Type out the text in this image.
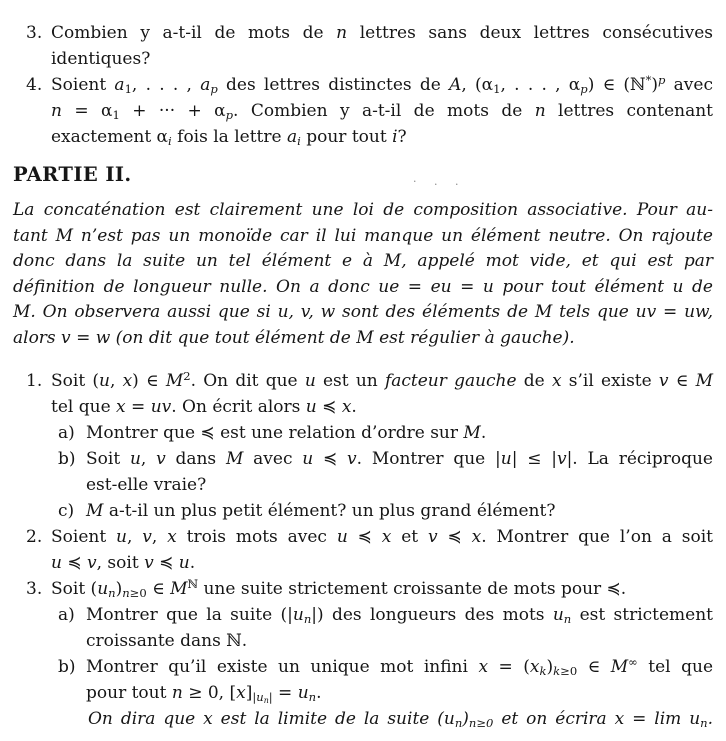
3. Combien y a-t-il de mots de n lettres sans deux lettres consécutives
identiques?
4. Soient $a_1$, . . . , $a_p$ des lettres distinctes de A, ($\alpha_1$, . . . , $\alpha_p$) ∈ (ℕ*)$^p$ avec
$n = \alpha_1$ + ··· + $\alpha_p$. Combien y a-t-il de mots de n lettres contenant
exactement $\alpha_i$ fois la lettre $a_i$ pour tout i?
PARTIE II.	· . .
La concaténation est clairement une loi de composition associative. Pour au-
tant M n’est pas un monoïde car il lui manque un élément neutre. On rajoute
donc dans la suite un tel élément e à M, appelé mot vide, et qui est par
définition de longueur nulle. On a donc ue = eu = u pour tout élément u de
M. On observera aussi que si u, v, w sont des éléments de M tels que uv = uw,
alors v = w (on dit que tout élément de M est régulier à gauche).
1. Soit (u, x) ∈ $M^2$. On dit que u est un facteur gauche de x s’il existe v ∈ M
tel que x = uv. On écrit alors u ≼ x.
a) Montrer que ≼ est une relation d’ordre sur M.
b) Soit u, v dans M avec u ≼ v. Montrer que |u| ≤ |v|. La réciproque
est-elle vraie?
c) M a-t-il un plus petit élément? un plus grand élément?
2. Soient u, v, x trois mots avec u ≼ x et v ≼ x. Montrer que l’on a soit
u ≼ v, soit v ≼ u.
3. Soit $(u_n)_{n\ge 0}$ ∈ $M^ℕ$ une suite strictement croissante de mots pour ≼.
a) Montrer que la suite $(|u_n|)$ des longueurs des mots $u_n$ est strictement
croissante dans ℕ.
b) Montrer qu’il existe un unique mot infini $x = (x_k)_{k\ge 0}$ ∈ M∞ tel que
pour tout n ≥ 0, $[x]_{|u_n|} = u_n$.
On dira que x est la limite de la suite $(u_n)_{n\ge 0}$ et on écrira $x = \lim u_n$.
